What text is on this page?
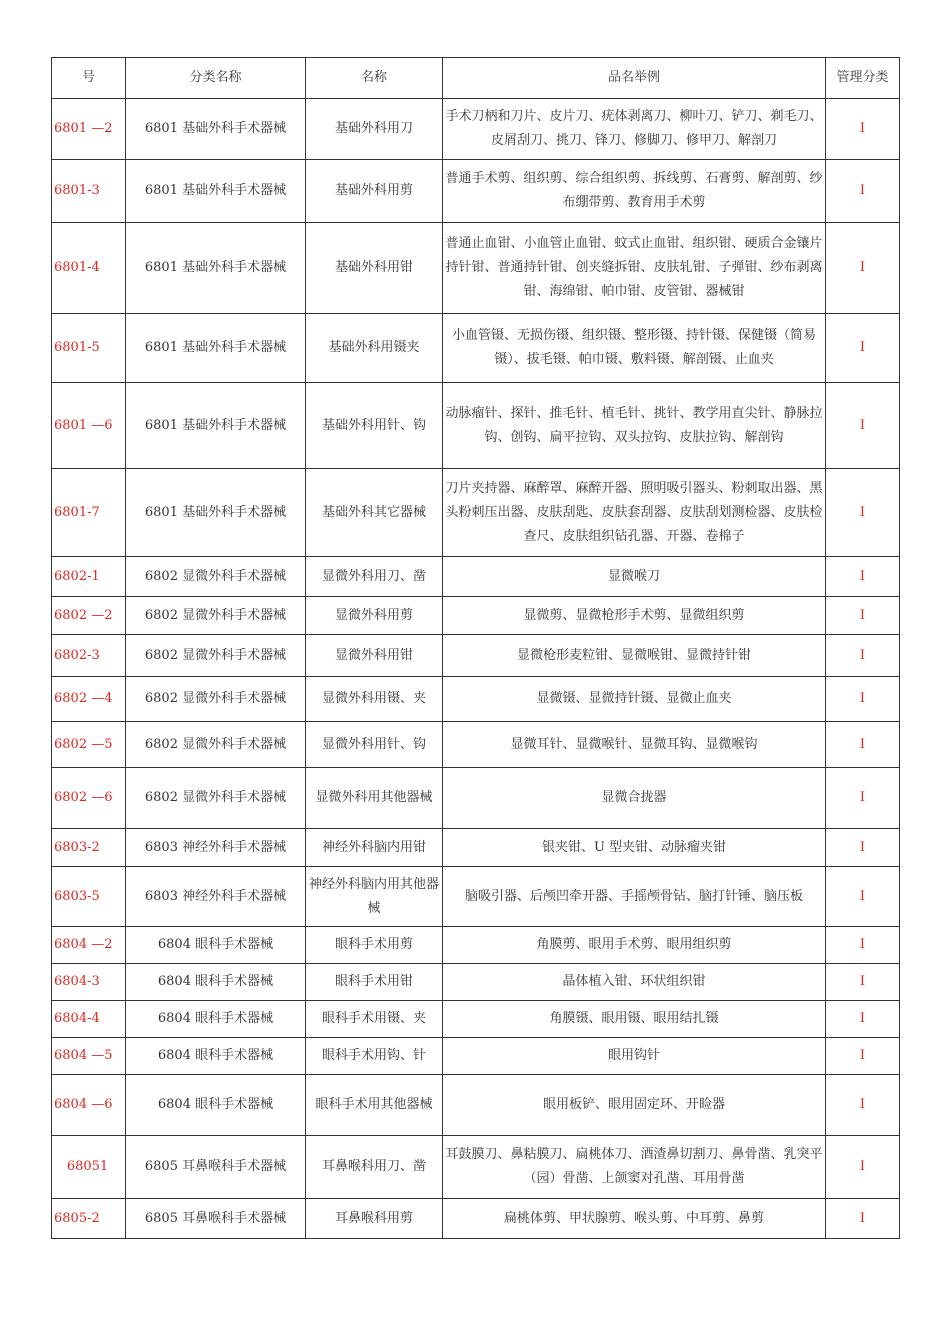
号	分类名称	名称	品名举例	管理分类
6801 —2	6801 基础外科手术器械	基础外科用刀	手术刀柄和刀片、皮片刀、疣体剥离刀、柳叶刀、铲刀、剃毛刀、皮屑刮刀、挑刀、锋刀、修脚刀、修甲刀、解剖刀	I
6801-3	6801 基础外科手术器械	基础外科用剪	普通手术剪、组织剪、综合组织剪、拆线剪、石膏剪、解剖剪、纱布绷带剪、教育用手术剪	I
6801-4	6801 基础外科手术器械	基础外科用钳	普通止血钳、小血管止血钳、蚊式止血钳、组织钳、硬质合金镶片持针钳、普通持针钳、创夹缝拆钳、皮肤轧钳、子弹钳、纱布剥离钳、海绵钳、帕巾钳、皮管钳、器械钳	I
6801-5	6801 基础外科手术器械	基础外科用镊夹	小血管镊、无损伤镊、组织镊、整形镊、持针镊、保健镊（简易镊）、拔毛镊、帕巾镊、敷料镊、解剖镊、止血夹	I
6801 —6	6801 基础外科手术器械	基础外科用针、钩	动脉瘤针、探针、推毛针、植毛针、挑针、教学用直尖针、静脉拉钩、创钩、扁平拉钩、双头拉钩、皮肤拉钩、解剖钩	I
6801-7	6801 基础外科手术器械	基础外科其它器械	刀片夹持器、麻醉罩、麻醉开器、照明吸引器头、粉刺取出器、黑头粉刺压出器、皮肤刮匙、皮肤套刮器、皮肤刮划测检器、皮肤检查尺、皮肤组织钻孔器、开器、卷棉子	I
6802-1	6802 显微外科手术器械	显微外科用刀、凿	显微喉刀	I
6802 —2	6802 显微外科手术器械	显微外科用剪	显微剪、显微枪形手术剪、显微组织剪	I
6802-3	6802 显微外科手术器械	显微外科用钳	显微枪形麦粒钳、显微喉钳、显微持针钳	I
6802 —4	6802 显微外科手术器械	显微外科用镊、夹	显微镊、显微持针镊、显微止血夹	I
6802 —5	6802 显微外科手术器械	显微外科用针、钩	显微耳针、显微喉针、显微耳钩、显微喉钩	I
6802 —6	6802 显微外科手术器械	显微外科用其他器械	显微合拢器	I
6803-2	6803 神经外科手术器械	神经外科脑内用钳	银夹钳、U 型夹钳、动脉瘤夹钳	I
6803-5	6803 神经外科手术器械	神经外科脑内用其他器械	脑吸引器、后颅凹牵开器、手摇颅骨钻、脑打针锤、脑压板	I
6804 —2	6804 眼科手术器械	眼科手术用剪	角膜剪、眼用手术剪、眼用组织剪	I
6804-3	6804 眼科手术器械	眼科手术用钳	晶体植入钳、环状组织钳	I
6804-4	6804 眼科手术器械	眼科手术用镊、夹	角膜镊、眼用镊、眼用结扎镊	I
6804 —5	6804 眼科手术器械	眼科手术用钩、针	眼用钩针	I
6804 —6	6804 眼科手术器械	眼科手术用其他器械	眼用板铲、眼用固定环、开睑器	I
68051	6805 耳鼻喉科手术器械	耳鼻喉科用刀、凿	耳鼓膜刀、鼻粘膜刀、扁桃体刀、酒渣鼻切割刀、鼻骨凿、乳突平（园）骨凿、上颌窦对孔凿、耳用骨凿	I
6805-2	6805 耳鼻喉科手术器械	耳鼻喉科用剪	扁桃体剪、甲状腺剪、喉头剪、中耳剪、鼻剪	I
